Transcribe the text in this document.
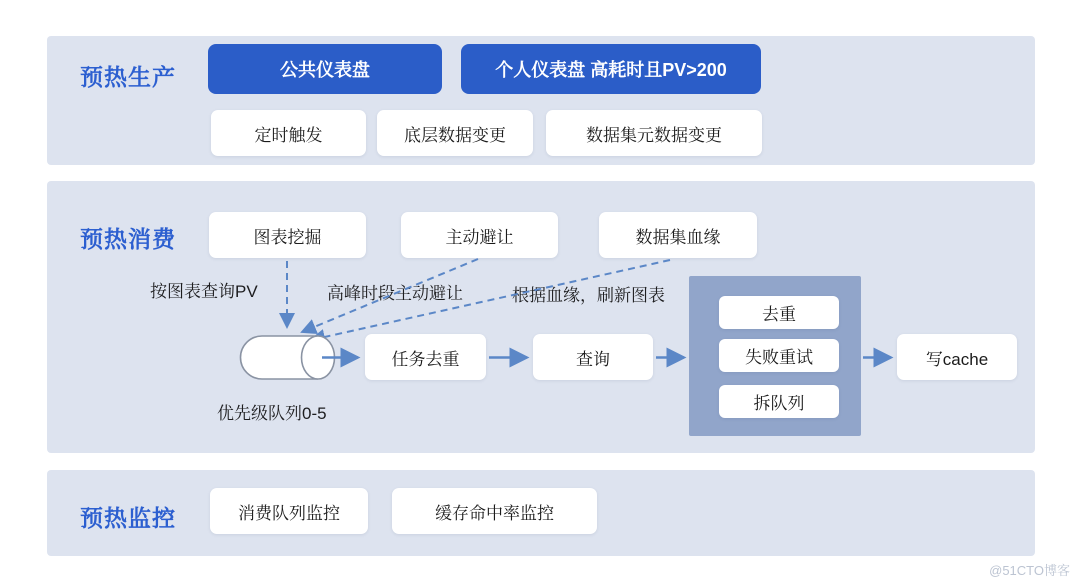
预热生产	公共仪表盘	个人仪表盘 高耗时且PV>200
定时触发	底层数据变更	数据集元数据变更
预热消费	图表挖掘	主动避让	数据集血缘
按图表查询PV	高峰时段主动避让	根据血缘，刷新图表
优先级队列0-5
任务去重	查询
去重
失败重试
拆队列
写cache
预热监控	消费队列监控	缓存命中率监控
@51CTO博客
